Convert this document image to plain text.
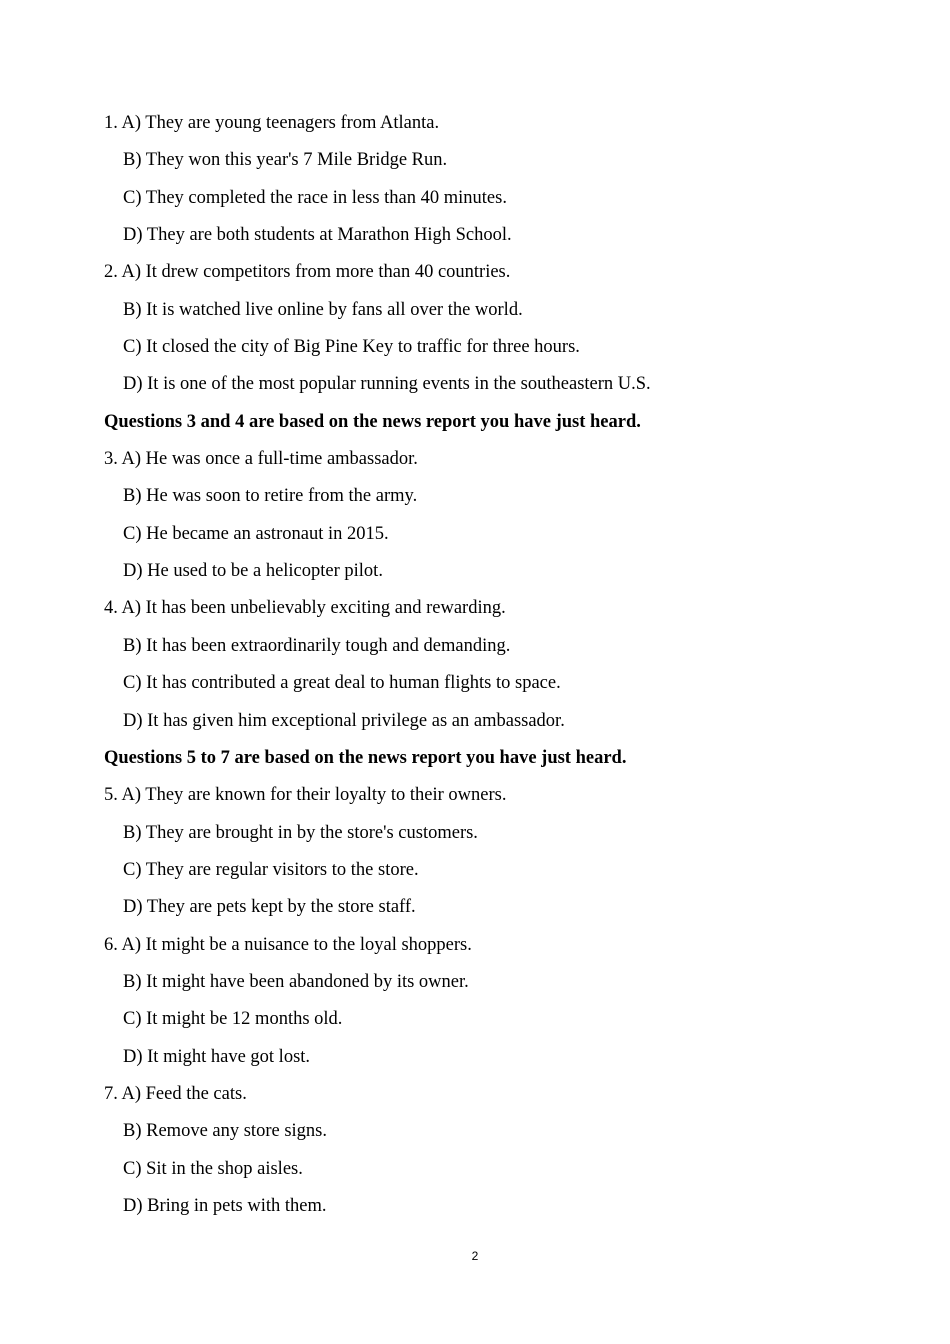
1. A) They are young teenagers from Atlanta.
B) They won this year's 7 Mile Bridge Run.
C) They completed the race in less than 40 minutes.
D) They are both students at Marathon High School.
2. A) It drew competitors from more than 40 countries.
B) It is watched live online by fans all over the world.
C) It closed the city of Big Pine Key to traffic for three hours.
D) It is one of the most popular running events in the southeastern U.S.
Questions 3 and 4 are based on the news report you have just heard.
3. A) He was once a full-time ambassador.
B) He was soon to retire from the army.
C) He became an astronaut in 2015.
D) He used to be a helicopter pilot.
4. A) It has been unbelievably exciting and rewarding.
B) It has been extraordinarily tough and demanding.
C) It has contributed a great deal to human flights to space.
D) It has given him exceptional privilege as an ambassador.
Questions 5 to 7 are based on the news report you have just heard.
5. A) They are known for their loyalty to their owners.
B) They are brought in by the store's customers.
C) They are regular visitors to the store.
D) They are pets kept by the store staff.
6. A) It might be a nuisance to the loyal shoppers.
B) It might have been abandoned by its owner.
C) It might be 12 months old.
D) It might have got lost.
7. A) Feed the cats.
B) Remove any store signs.
C) Sit in the shop aisles.
D) Bring in pets with them.
2
